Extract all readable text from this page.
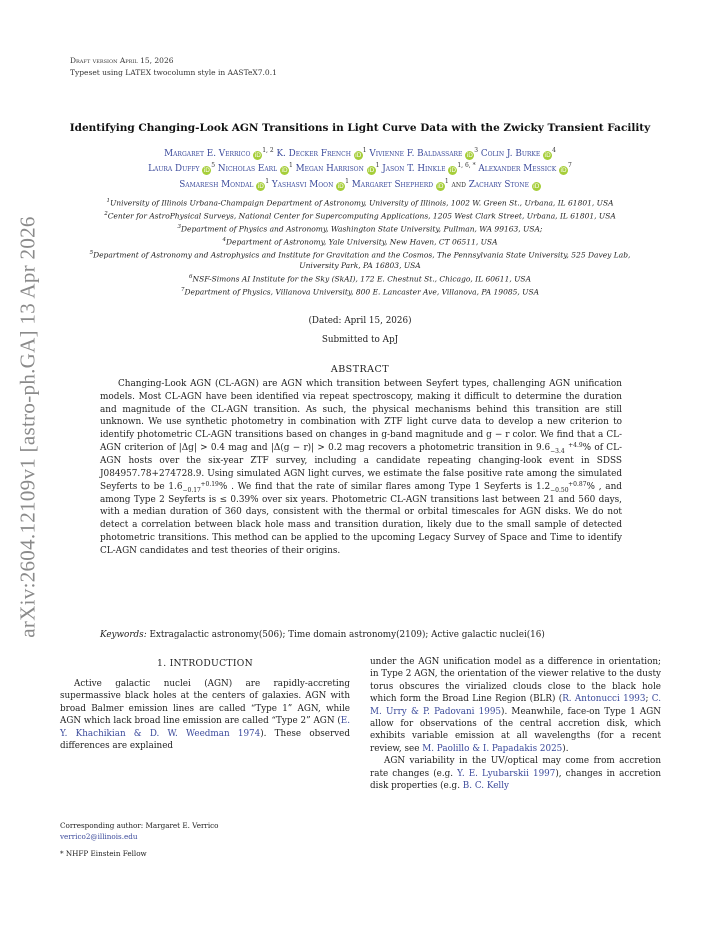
arXiv:2604.12109v1 [astro-ph.GA] 13 Apr 2026
Draft version April 15, 2026
Typeset using LATEX twocolumn style in AASTeX7.0.1
Identifying Changing-Look AGN Transitions in Light Curve Data with the Zwicky Transient Facility
Margaret E. Verrico iD$^{1, 2}$ K. Decker French $iD^1$ Vivienne F. Baldassare $iD^3$ Colin J. Burke $iD^4$
Laura Duffy $iD^5$ Nicholas Earl $iD^1$ Megan Harrison $iD^1$ Jason T. Hinkle $iD^{1, 6, *}$ Alexander Messick $iD^7$
Samaresh Mondal $iD^1$ Yashasvi Moon $iD^1$ Margaret Shepherd $iD^1$ and Zachary Stone iD
$^1$University of Illinois Urbana-Champaign Department of Astronomy, University of Illinois, 1002 W. Green St., Urbana, IL 61801, USA
$^2$Center for AstroPhysical Surveys, National Center for Supercomputing Applications, 1205 West Clark Street, Urbana, IL 61801, USA
$^3$Department of Physics and Astronomy, Washington State University, Pullman, WA 99163, USA;
$^4$Department of Astronomy, Yale University, New Haven, CT 06511, USA
$^5$Department of Astronomy and Astrophysics and Institute for Gravitation and the Cosmos, The Pennsylvania State University, 525 Davey Lab, University Park, PA 16803, USA
$^6$NSF-Simons AI Institute for the Sky (SkAI), 172 E. Chestnut St., Chicago, IL 60611, USA
$^7$Department of Physics, Villanova University, 800 E. Lancaster Ave, Villanova, PA 19085, USA
(Dated: April 15, 2026)
Submitted to ApJ
ABSTRACT

Changing-Look AGN (CL-AGN) are AGN which transition between Seyfert types, challenging AGN unification models. Most CL-AGN have been identified via repeat spectroscopy, making it difficult to determine the duration and magnitude of the CL-AGN transition. As such, the physical mechanisms behind this transition are still unknown. We use synthetic photometry in combination with ZTF light curve data to develop a new criterion to identify photometric CL-AGN transitions based on changes in g-band magnitude and g − r color. We find that a CL-AGN criterion of |Δg| > 0.4 mag and |Δ(g − r)| > 0.2 mag recovers a photometric transition in 9.6	+4.9
−3.4 % of CL-AGN hosts over the six-year ZTF survey, including a candidate repeating changing-look event in SDSS J084957.78+274728.9. Using simulated AGN light curves, we estimate the false positive rate among the simulated Seyferts to be 1.6	+0.19
−0.17 % . We find that the rate of similar flares among Type 1 Seyferts is 1.2	+0.87
−0.50 % , and among Type 2 Seyferts is ≤ 0.39% over six years. Photometric CL-AGN transitions last between 21 and 560 days, with a median duration of 360 days, consistent with the thermal or orbital timescales for AGN disks. We do not detect a correlation between black hole mass and transition duration, likely due to the small sample of detected photometric transitions. This method can be applied to the upcoming Legacy Survey of Space and Time to identify CL-AGN candidates and test theories of their origins.

Keywords: Extragalactic astronomy(506); Time domain astronomy(2109); Active galactic nuclei(16)
1. INTRODUCTION

Active galactic nuclei (AGN) are rapidly-accreting supermassive black holes at the centers of galaxies. AGN with broad Balmer emission lines are called “Type 1” AGN, while AGN which lack broad line emission are called “Type 2” AGN (E. Y. Khachikian & D. W. Weedman 1974). These observed differences are explained

under the AGN unification model as a difference in orientation; in Type 2 AGN, the orientation of the viewer relative to the dusty torus obscures the virialized clouds close to the black hole which form the Broad Line Region (BLR) (R. Antonucci 1993; C. M. Urry & P. Padovani 1995). Meanwhile, face-on Type 1 AGN allow for observations of the central accretion disk, which exhibits variable emission at all wavelengths (for a recent review, see M. Paolillo & I. Papadakis 2025).

AGN variability in the UV/optical may come from accretion rate changes (e.g. Y. E. Lyubarskii 1997), changes in accretion disk properties (e.g. B. C. Kelly

Corresponding author: Margaret E. Verrico
verrico2@illinois.edu
* NHFP Einstein Fellow
